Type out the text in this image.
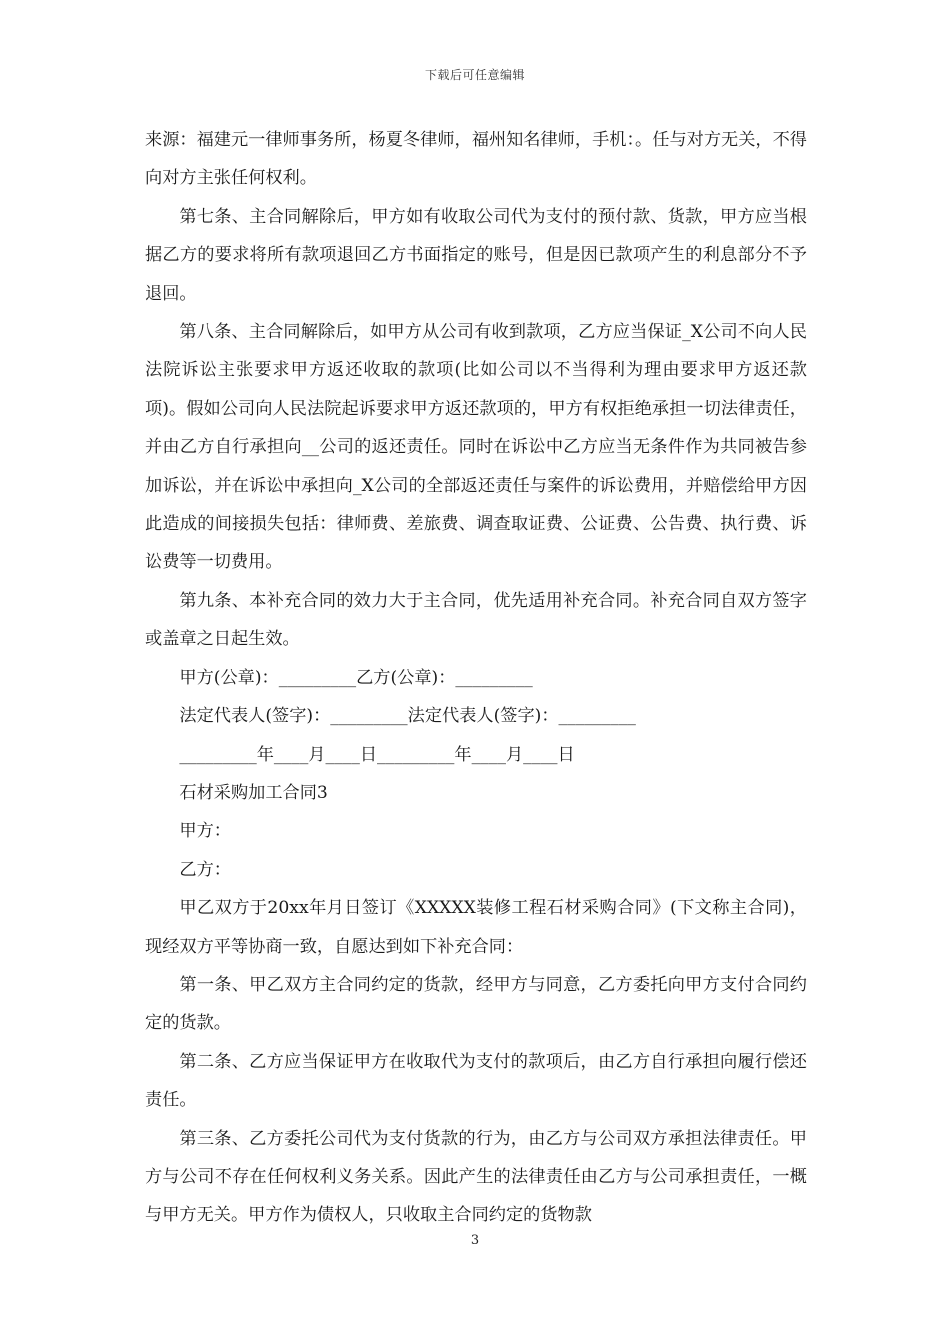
下载后可任意编辑

来源：福建元一律师事务所，杨夏冬律师，福州知名律师，手机：。任与对方无关，不得向对方主张任何权利。

第七条、主合同解除后，甲方如有收取公司代为支付的预付款、货款，甲方应当根据乙方的要求将所有款项退回乙方书面指定的账号，但是因已款项产生的利息部分不予退回。

第八条、主合同解除后，如甲方从公司有收到款项，乙方应当保证_X公司不向人民法院诉讼主张要求甲方返还收取的款项(比如公司以不当得利为理由要求甲方返还款项)。假如公司向人民法院起诉要求甲方返还款项的，甲方有权拒绝承担一切法律责任，并由乙方自行承担向__公司的返还责任。同时在诉讼中乙方应当无条件作为共同被告参加诉讼，并在诉讼中承担向_X公司的全部返还责任与案件的诉讼费用，并赔偿给甲方因此造成的间接损失包括：律师费、差旅费、调查取证费、公证费、公告费、执行费、诉讼费等一切费用。

第九条、本补充合同的效力大于主合同，优先适用补充合同。补充合同自双方签字或盖章之日起生效。

甲方(公章)：_________乙方(公章)：_________

法定代表人(签字)：_________法定代表人(签字)：_________

_________年____月____日_________年____月____日

石材采购加工合同3

甲方：

乙方：

甲乙双方于20xx年月日签订《XXXXX装修工程石材采购合同》(下文称主合同)，现经双方平等协商一致，自愿达到如下补充合同：

第一条、甲乙双方主合同约定的货款，经甲方与同意，乙方委托向甲方支付合同约定的货款。

第二条、乙方应当保证甲方在收取代为支付的款项后，由乙方自行承担向履行偿还责任。

第三条、乙方委托公司代为支付货款的行为，由乙方与公司双方承担法律责任。甲方与公司不存在任何权利义务关系。因此产生的法律责任由乙方与公司承担责任，一概与甲方无关。甲方作为债权人，只收取主合同约定的货物款

3
